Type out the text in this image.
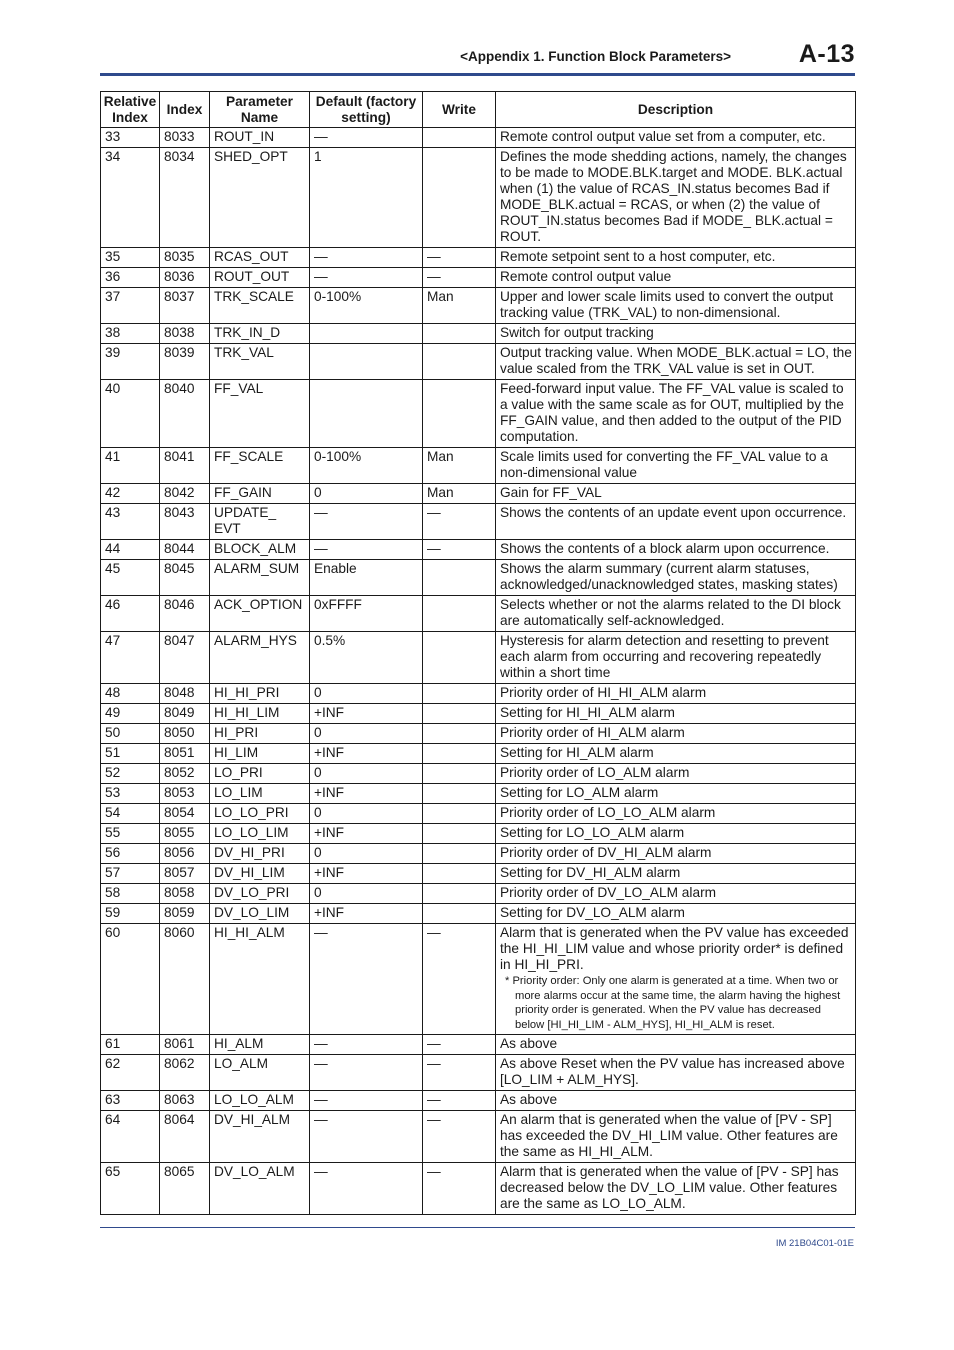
<Appendix 1. Function Block Parameters>	A-13
Relative Index	Index	Parameter Name	Default (factory setting)	Write	Description
33	8033	ROUT_IN	—		Remote control output value set from a computer, etc.

34	8034	SHED_OPT	1		Defines the mode shedding actions, namely, the changes to be made to MODE.BLK.target and MODE. BLK.actual when (1) the value of RCAS_IN.status becomes Bad if MODE_BLK.actual = RCAS, or when (2) the value of ROUT_IN.status becomes Bad if MODE_ BLK.actual = ROUT.

35	8035	RCAS_OUT	—	—	Remote setpoint sent to a host computer, etc.

36	8036	ROUT_OUT	—	—	Remote control output value

37	8037	TRK_SCALE	0-100%	Man	Upper and lower scale limits used to convert the output tracking value (TRK_VAL) to non-dimensional.

38	8038	TRK_IN_D			Switch for output tracking

39	8039	TRK_VAL			Output tracking value. When MODE_BLK.actual = LO, the value scaled from the TRK_VAL value is set in OUT.

40	8040	FF_VAL			Feed-forward input value. The FF_VAL value is scaled to a value with the same scale as for OUT, multiplied by the FF_GAIN value, and then added to the output of the PID computation.

41	8041	FF_SCALE	0-100%	Man	Scale limits used for converting the FF_VAL value to a non-dimensional value

42	8042	FF_GAIN	0	Man	Gain for FF_VAL

43	8043	UPDATE_ EVT	—	—	Shows the contents of an update event upon occurrence.

44	8044	BLOCK_ALM	—	—	Shows the contents of a block alarm upon occurrence.

45	8045	ALARM_SUM	Enable		Shows the alarm summary (current alarm statuses, acknowledged/unacknowledged states, masking states)

46	8046	ACK_OPTION	0xFFFF		Selects whether or not the alarms related to the DI block are automatically self-acknowledged.

47	8047	ALARM_HYS	0.5%		Hysteresis for alarm detection and resetting to prevent each alarm from occurring and recovering repeatedly within a short time

48	8048	HI_HI_PRI	0		Priority order of HI_HI_ALM alarm

49	8049	HI_HI_LIM	+INF		Setting for HI_HI_ALM alarm

50	8050	HI_PRI	0		Priority order of HI_ALM alarm

51	8051	HI_LIM	+INF		Setting for HI_ALM alarm

52	8052	LO_PRI	0		Priority order of LO_ALM alarm

53	8053	LO_LIM	+INF		Setting for LO_ALM alarm

54	8054	LO_LO_PRI	0		Priority order of LO_LO_ALM alarm

55	8055	LO_LO_LIM	+INF		Setting for LO_LO_ALM alarm

56	8056	DV_HI_PRI	0		Priority order of DV_HI_ALM alarm

57	8057	DV_HI_LIM	+INF		Setting for DV_HI_ALM alarm

58	8058	DV_LO_PRI	0		Priority order of DV_LO_ALM alarm

59	8059	DV_LO_LIM	+INF		Setting for DV_LO_ALM alarm

60	8060	HI_HI_ALM	—	—	Alarm that is generated when the PV value has exceeded the HI_HI_LIM value and whose priority order* is defined in HI_HI_PRI.
* Priority order: Only one alarm is generated at a time. When two or more alarms occur at the same time, the alarm having the highest priority order is generated. When the PV value has decreased below [HI_HI_LIM - ALM_HYS], HI_HI_ALM is reset.

61	8061	HI_ALM	—	—	As above

62	8062	LO_ALM	—	—	As above Reset when the PV value has increased above [LO_LIM + ALM_HYS].

63	8063	LO_LO_ALM	—	—	As above

64	8064	DV_HI_ALM	—	—	An alarm that is generated when the value of [PV - SP] has exceeded the DV_HI_LIM value. Other features are the same as HI_HI_ALM.

65	8065	DV_LO_ALM	—	—	Alarm that is generated when the value of [PV - SP] has decreased below the DV_LO_LIM value. Other features are the same as LO_LO_ALM.
IM 21B04C01-01E
